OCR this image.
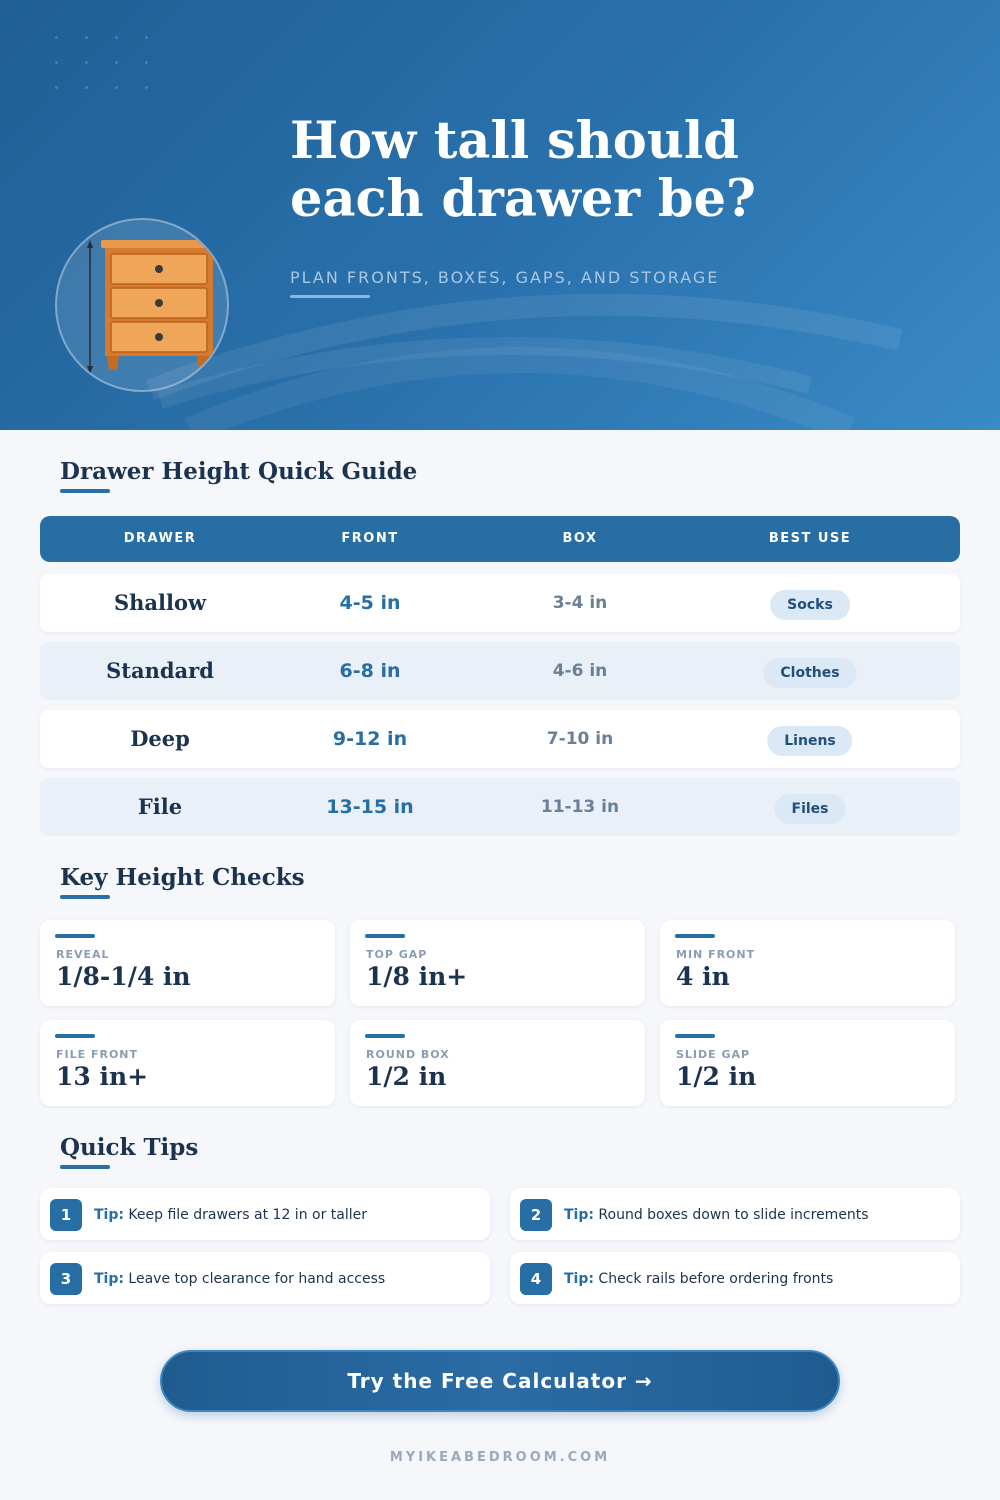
How tall should
each drawer be?
PLAN FRONTS, BOXES, GAPS, AND STORAGE
Drawer Height Quick Guide
DRAWER	FRONT	BOX	BEST USE
Shallow	4-5 in	3-4 in	Socks
Standard	6-8 in	4-6 in	Clothes
Deep	9-12 in	7-10 in	Linens
File	13-15 in	11-13 in	Files
Key Height Checks
REVEAL
1/8-1/4 in
TOP GAP
1/8 in+
MIN FRONT
4 in
FILE FRONT
13 in+
ROUND BOX
1/2 in
SLIDE GAP
1/2 in
Quick Tips
1	Tip: Keep file drawers at 12 in or taller	2	Tip: Round boxes down to slide increments
3	Tip: Leave top clearance for hand access	4	Tip: Check rails before ordering fronts
Try the Free Calculator →
MYIKEABEDROOM.COM
